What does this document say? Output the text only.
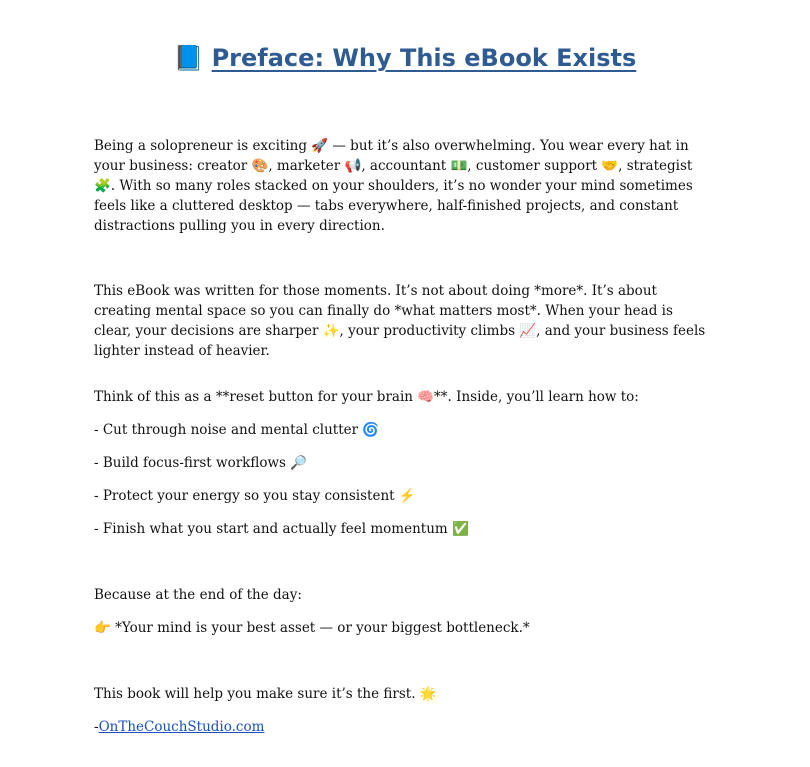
📘 Preface: Why This eBook Exists
Being a solopreneur is exciting 🚀 — but it’s also overwhelming. You wear every hat in your business: creator 🎨, marketer 📢, accountant 💵, customer support 🤝, strategist 🧩. With so many roles stacked on your shoulders, it’s no wonder your mind sometimes feels like a cluttered desktop — tabs everywhere, half-finished projects, and constant distractions pulling you in every direction.
This eBook was written for those moments. It’s not about doing *more*. It’s about creating mental space so you can finally do *what matters most*. When your head is clear, your decisions are sharper ✨, your productivity climbs 📈, and your business feels lighter instead of heavier.
Think of this as a **reset button for your brain 🧠**. Inside, you’ll learn how to:
- Cut through noise and mental clutter 🌀
- Build focus-first workflows 🔎
- Protect your energy so you stay consistent ⚡
- Finish what you start and actually feel momentum ✅
Because at the end of the day:
👉 *Your mind is your best asset — or your biggest bottleneck.*
This book will help you make sure it’s the first. 🌟
-OnTheCouchStudio.com
